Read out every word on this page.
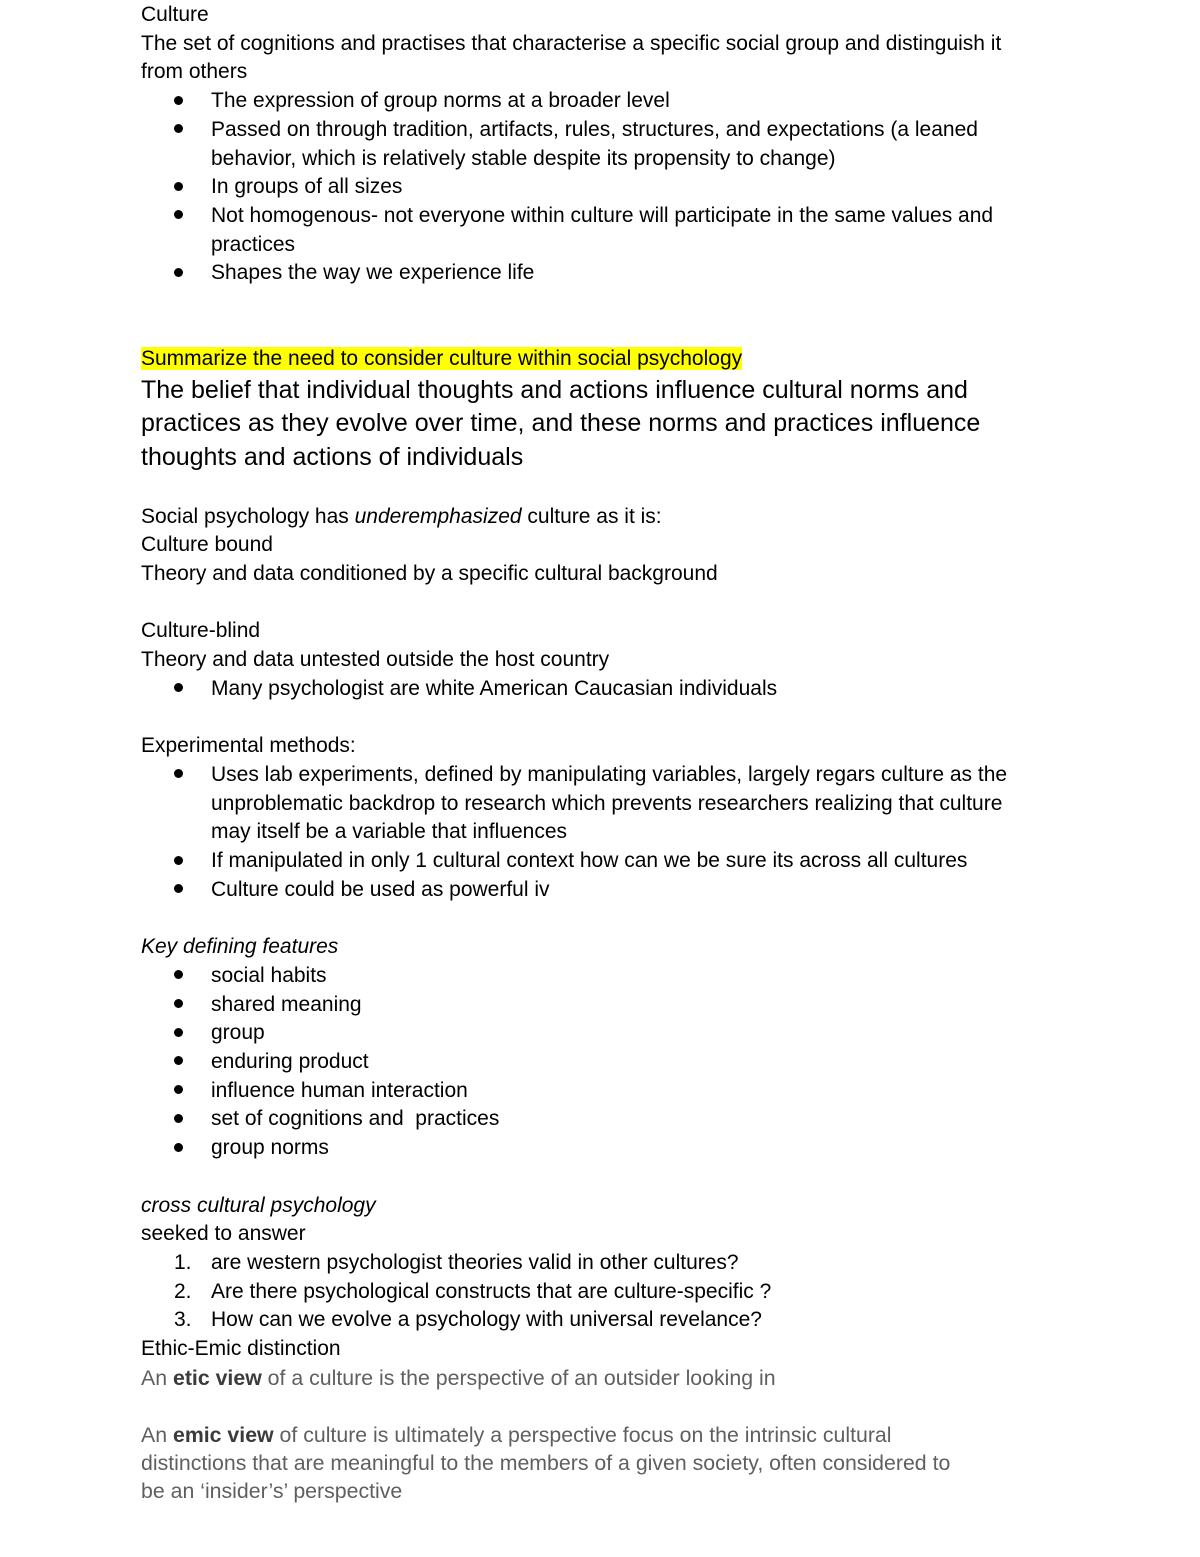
Culture
The set of cognitions and practises that characterise a specific social group and distinguish it
from others
The expression of group norms at a broader level
Passed on through tradition, artifacts, rules, structures, and expectations (a leaned
behavior, which is relatively stable despite its propensity to change)
In groups of all sizes
Not homogenous- not everyone within culture will participate in the same values and
practices
Shapes the way we experience life
Summarize the need to consider culture within social psychology
The belief that individual thoughts and actions influence cultural norms and
practices as they evolve over time, and these norms and practices influence
thoughts and actions of individuals
Social psychology has underemphasized culture as it is:
Culture bound
Theory and data conditioned by a specific cultural background
Culture-blind
Theory and data untested outside the host country
Many psychologist are white American Caucasian individuals
Experimental methods:
Uses lab experiments, defined by manipulating variables, largely regars culture as the
unproblematic backdrop to research which prevents researchers realizing that culture
may itself be a variable that influences
If manipulated in only 1 cultural context how can we be sure its across all cultures
Culture could be used as powerful iv
Key defining features
social habits
shared meaning
group
enduring product
influence human interaction
set of cognitions and  practices
group norms
cross cultural psychology
seeked to answer
1. are western psychologist theories valid in other cultures?
2. Are there psychological constructs that are culture-specific ?
3. How can we evolve a psychology with universal revelance?
Ethic-Emic distinction
An etic view of a culture is the perspective of an outsider looking in
An emic view of culture is ultimately a perspective focus on the intrinsic cultural
distinctions that are meaningful to the members of a given society, often considered to
be an ‘insider’s’ perspective
